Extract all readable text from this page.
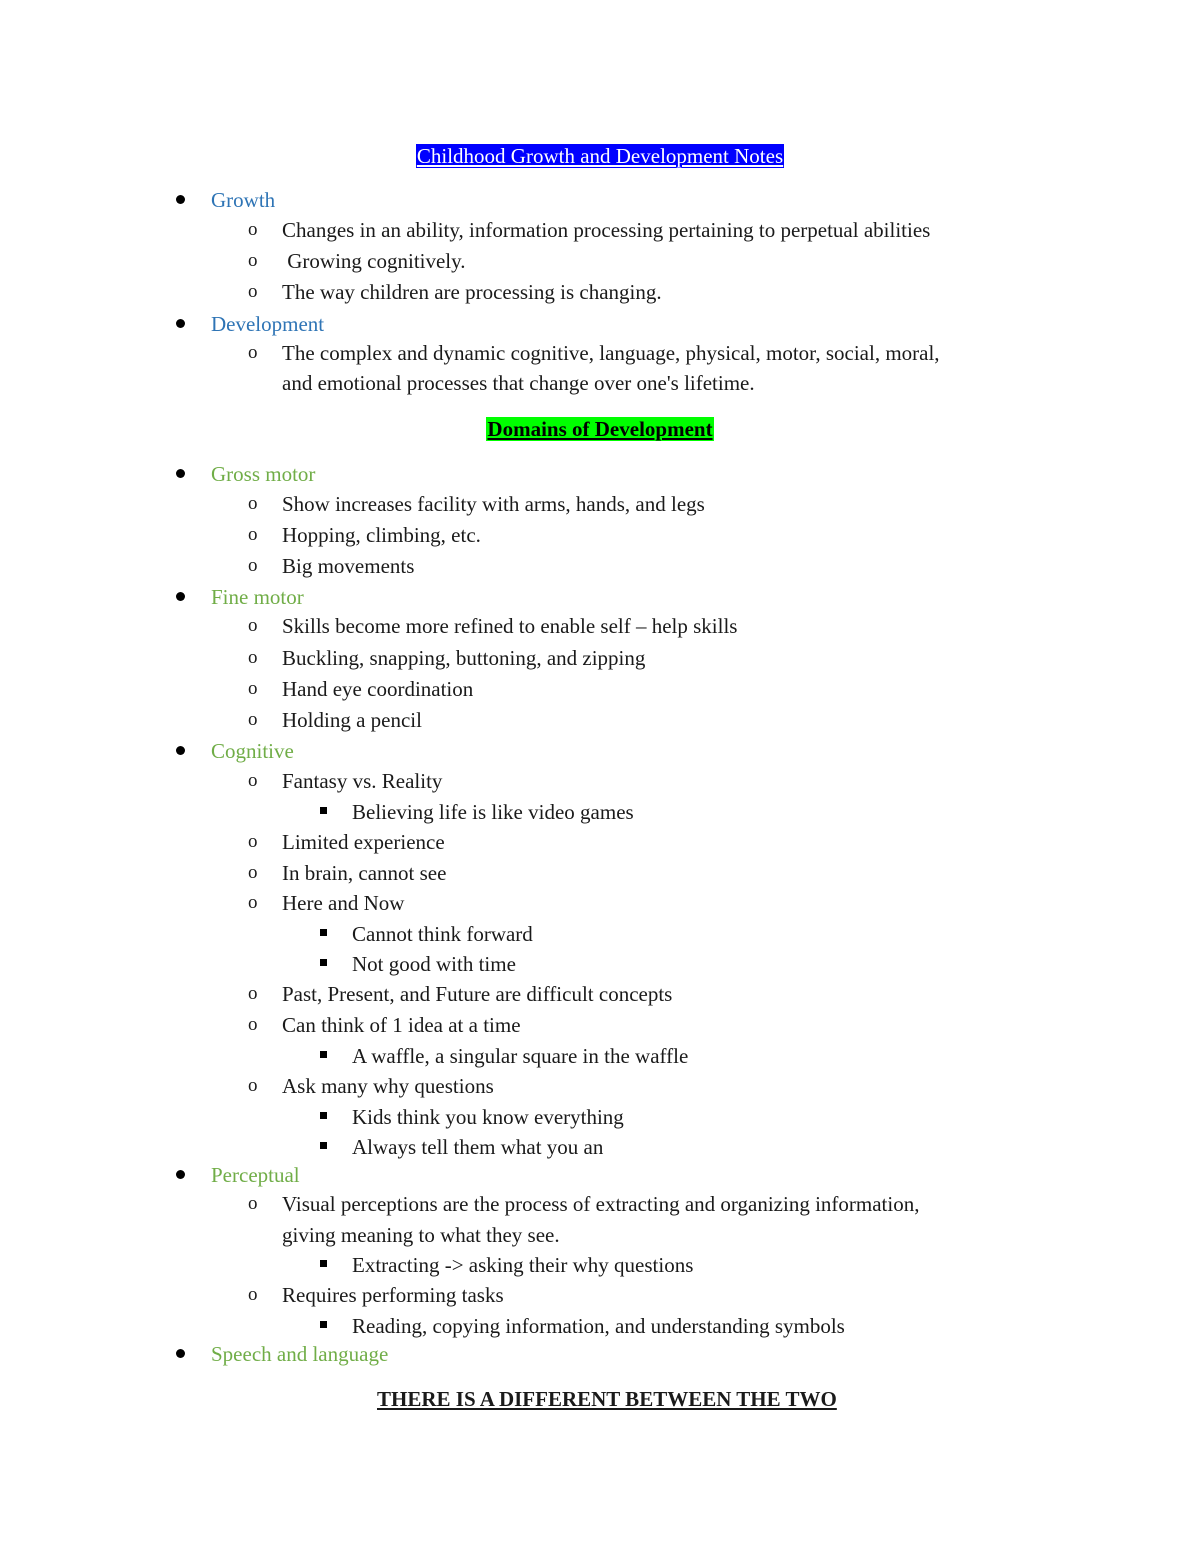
Childhood Growth and Development Notes
Growth
o Changes in an ability, information processing pertaining to perpetual abilities
o Growing cognitively.
o The way children are processing is changing.
Development
o The complex and dynamic cognitive, language, physical, motor, social, moral,
and emotional processes that change over one's lifetime.
Domains of Development
Gross motor
o Show increases facility with arms, hands, and legs
o Hopping, climbing, etc.
o Big movements
Fine motor
o Skills become more refined to enable self – help skills
o Buckling, snapping, buttoning, and zipping
o Hand eye coordination
o Holding a pencil
Cognitive
o Fantasy vs. Reality
Believing life is like video games
o Limited experience
o In brain, cannot see
o Here and Now
Cannot think forward
Not good with time
o Past, Present, and Future are difficult concepts
o Can think of 1 idea at a time
A waffle, a singular square in the waffle
o Ask many why questions
Kids think you know everything
Always tell them what you an
Perceptual
o Visual perceptions are the process of extracting and organizing information,
giving meaning to what they see.
Extracting -> asking their why questions
o Requires performing tasks
Reading, copying information, and understanding symbols
Speech and language
THERE IS A DIFFERENT BETWEEN THE TWO
